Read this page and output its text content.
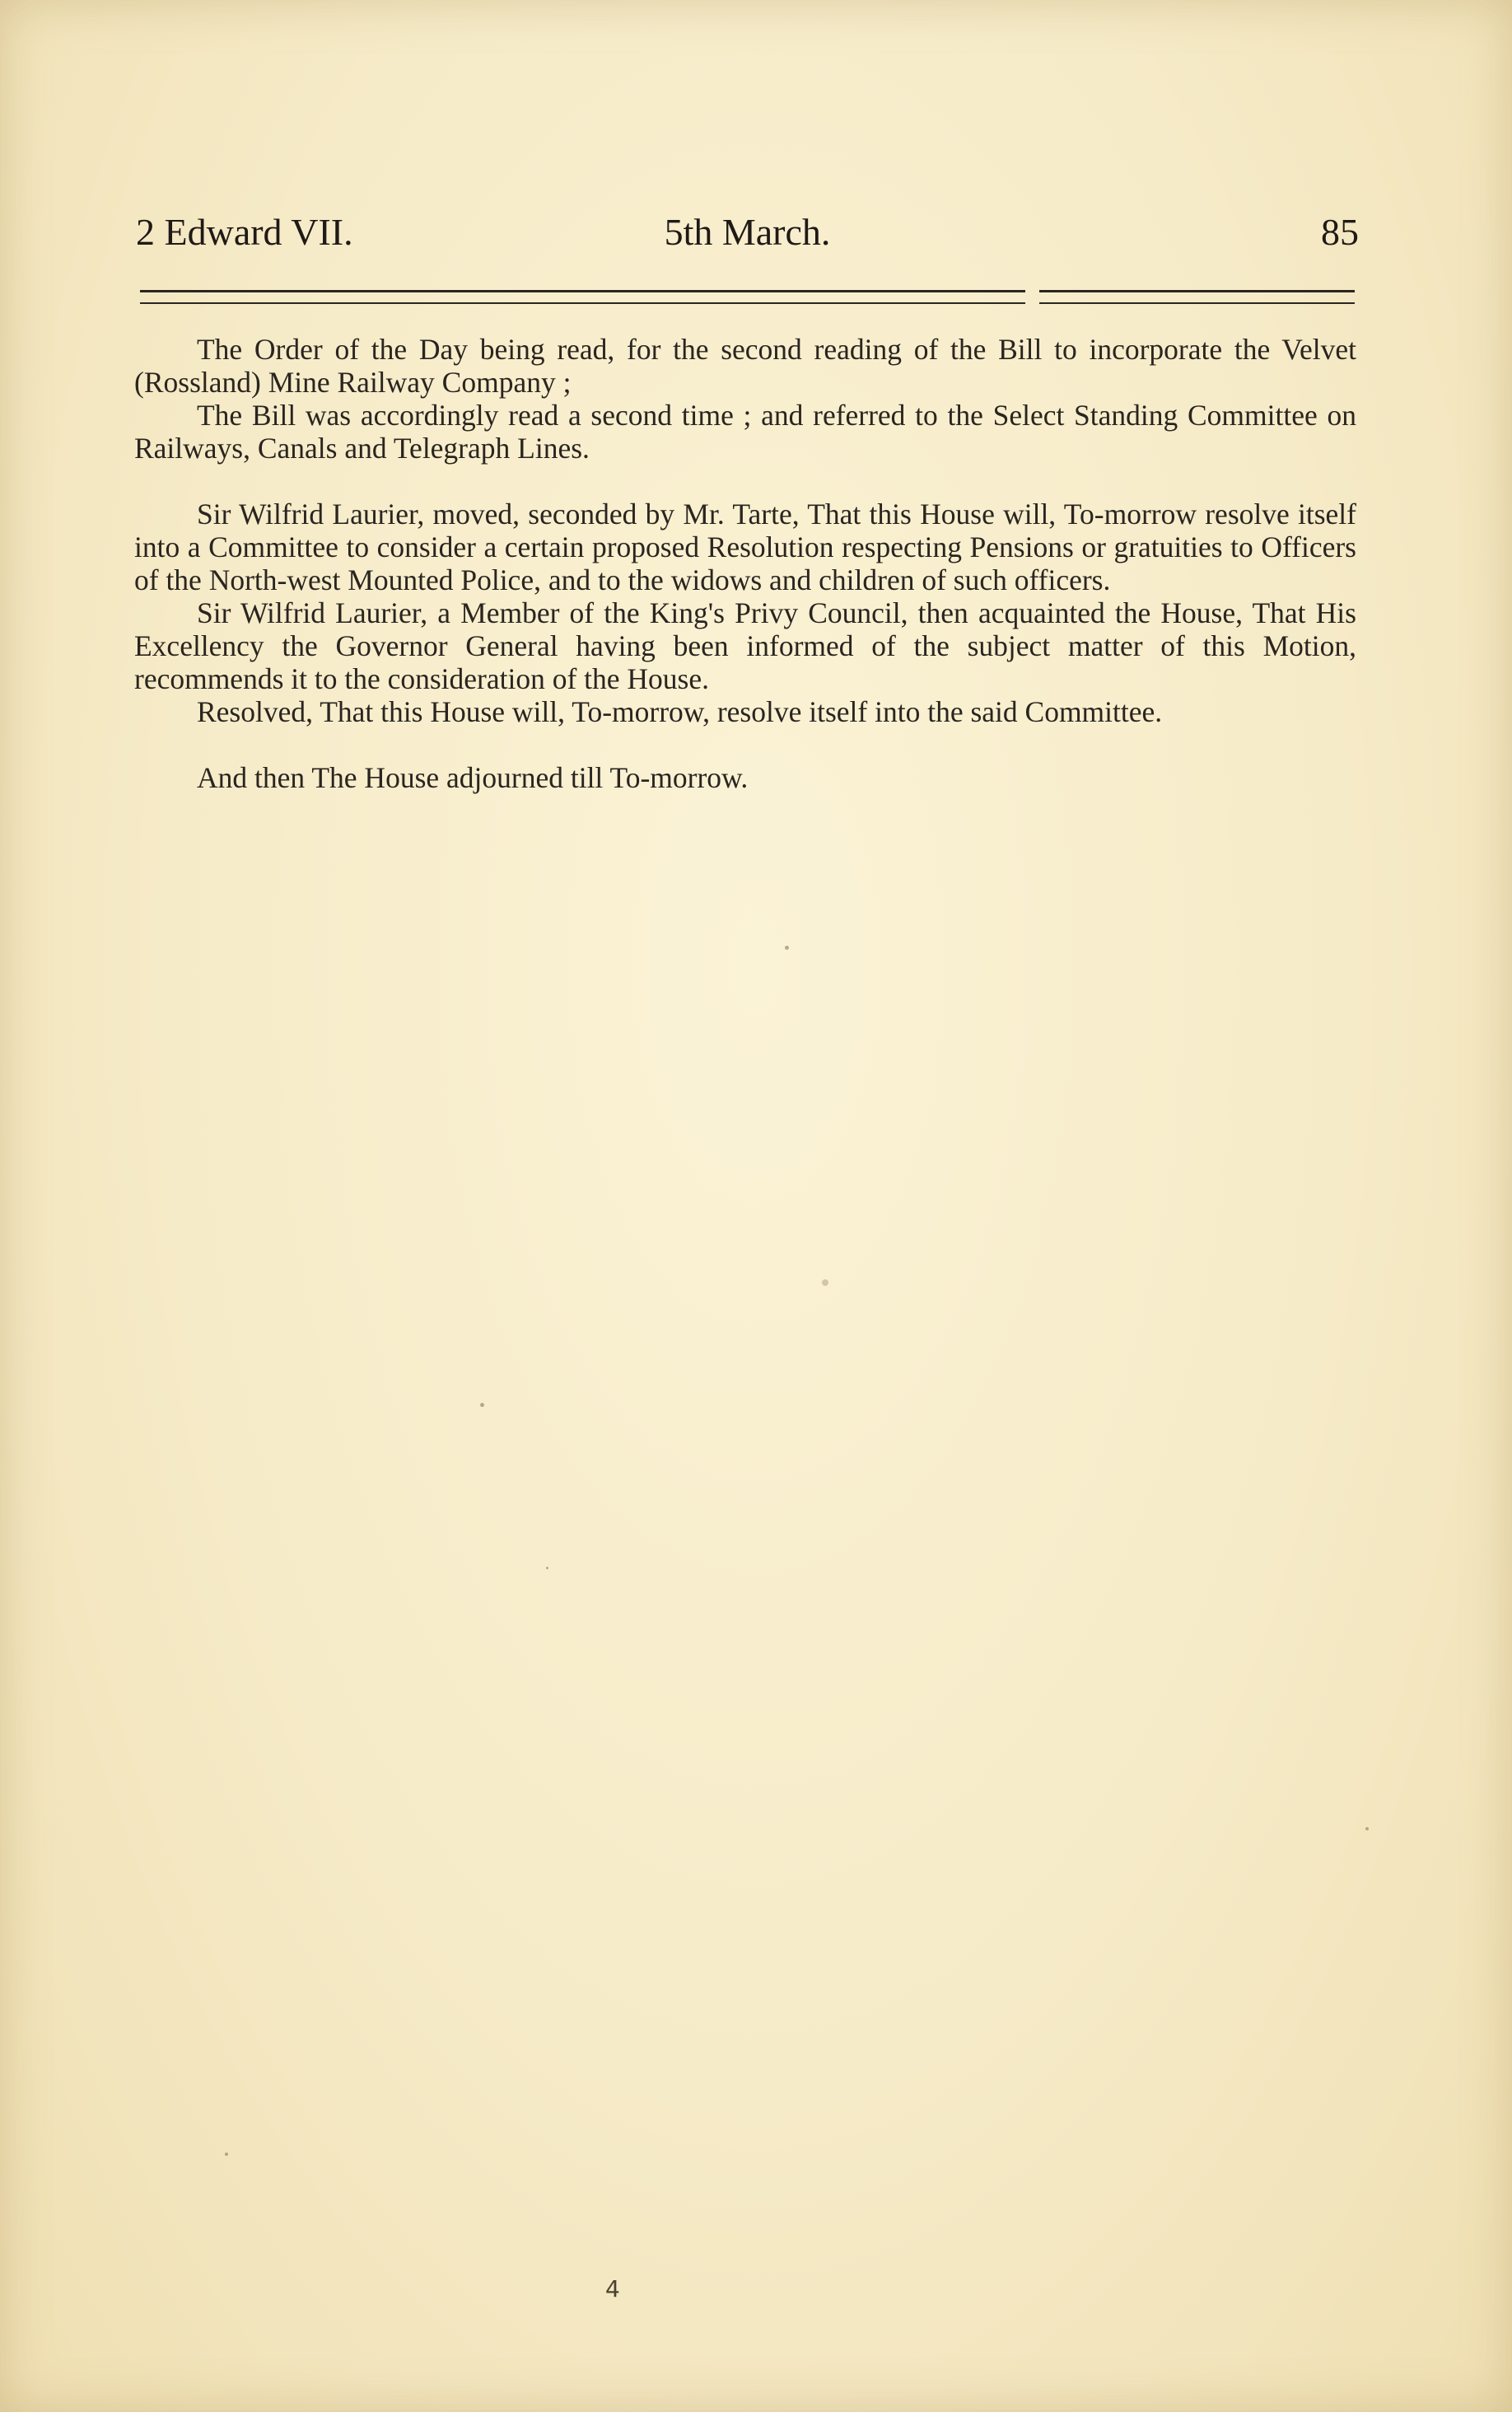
2 Edward VII.	5th March.	85

The Order of the Day being read, for the second reading of the Bill to incorporate the Velvet (Rossland) Mine Railway Company ;

The Bill was accordingly read a second time ; and referred to the Select Standing Committee on Railways, Canals and Telegraph Lines.

Sir Wilfrid Laurier, moved, seconded by Mr. Tarte, That this House will, To-morrow resolve itself into a Committee to consider a certain proposed Resolution respecting Pensions or gratuities to Officers of the North-west Mounted Police, and to the widows and children of such officers.

Sir Wilfrid Laurier, a Member of the King's Privy Council, then acquainted the House, That His Excellency the Governor General having been informed of the subject matter of this Motion, recommends it to the consideration of the House.

Resolved, That this House will, To-morrow, resolve itself into the said Committee.

And then The House adjourned till To-morrow.

4
